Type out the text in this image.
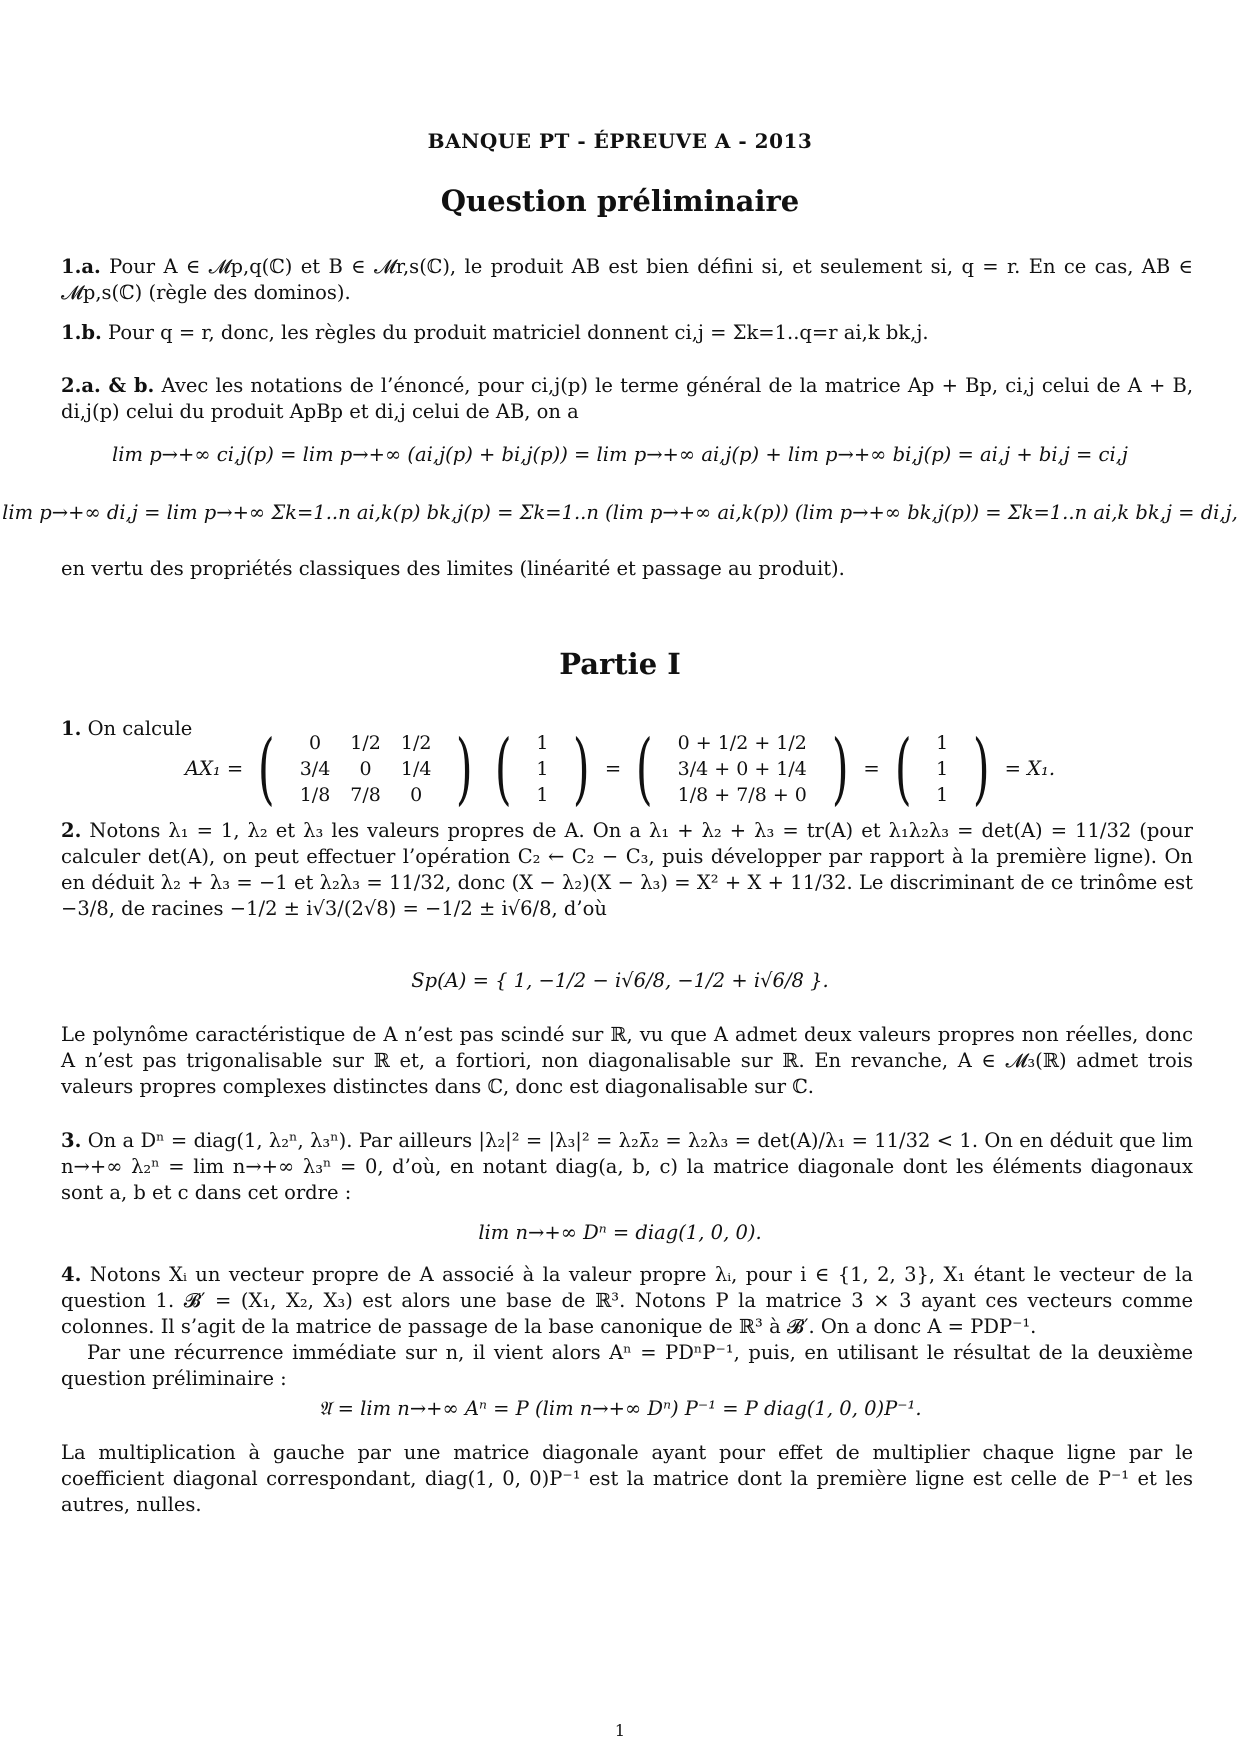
BANQUE PT - ÉPREUVE A - 2013
Question préliminaire

1.a. Pour A ∈ 𝓜p,q(ℂ) et B ∈ 𝓜r,s(ℂ), le produit AB est bien défini si, et seulement si, q = r. En ce cas, AB ∈ 𝓜p,s(ℂ) (règle des dominos).

1.b. Pour q = r, donc, les règles du produit matriciel donnent ci,j = Σk=1..q=r ai,k bk,j.

2.a. & b. Avec les notations de l’énoncé, pour ci,j(p) le terme général de la matrice Ap + Bp, ci,j celui de A + B, di,j(p) celui du produit ApBp et di,j celui de AB, on a

lim p→+∞ ci,j(p) = lim p→+∞ (ai,j(p) + bi,j(p)) = lim p→+∞ ai,j(p) + lim p→+∞ bi,j(p) = ai,j + bi,j = ci,j
lim p→+∞ di,j = lim p→+∞ Σk=1..n ai,k(p) bk,j(p) = Σk=1..n (lim p→+∞ ai,k(p)) (lim p→+∞ bk,j(p)) = Σk=1..n ai,k bk,j = di,j,

en vertu des propriétés classiques des limites (linéarité et passage au produit).

Partie I

1. On calcule

AX₁ = ( 0	1/2	1/2
3/4	0	1/4
1/8	7/8	0 ) ( 1
1
1 ) = ( 0 + 1/2 + 1/2
3/4 + 0 + 1/4
1/8 + 7/8 + 0 ) = ( 1
1
1 ) = X₁.

2. Notons λ₁ = 1, λ₂ et λ₃ les valeurs propres de A. On a λ₁ + λ₂ + λ₃ = tr(A) et λ₁λ₂λ₃ = det(A) = 11/32 (pour calculer det(A), on peut effectuer l’opération C₂ ← C₂ − C₃, puis développer par rapport à la première ligne). On en déduit λ₂ + λ₃ = −1 et λ₂λ₃ = 11/32, donc (X − λ₂)(X − λ₃) = X² + X + 11/32. Le discriminant de ce trinôme est −3/8, de racines −1/2 ± i√3/(2√8) = −1/2 ± i√6/8, d’où

Sp(A) = { 1, −1/2 − i√6/8, −1/2 + i√6/8 }.

Le polynôme caractéristique de A n’est pas scindé sur ℝ, vu que A admet deux valeurs propres non réelles, donc A n’est pas trigonalisable sur ℝ et, a fortiori, non diagonalisable sur ℝ. En revanche, A ∈ 𝓜₃(ℝ) admet trois valeurs propres complexes distinctes dans ℂ, donc est diagonalisable sur ℂ.

3. On a Dⁿ = diag(1, λ₂ⁿ, λ₃ⁿ). Par ailleurs |λ₂|² = |λ₃|² = λ₂λ̄₂ = λ₂λ₃ = det(A)/λ₁ = 11/32 < 1. On en déduit que lim n→+∞ λ₂ⁿ = lim n→+∞ λ₃ⁿ = 0, d’où, en notant diag(a, b, c) la matrice diagonale dont les éléments diagonaux sont a, b et c dans cet ordre :

lim n→+∞ Dⁿ = diag(1, 0, 0).

4. Notons Xᵢ un vecteur propre de A associé à la valeur propre λᵢ, pour i ∈ {1, 2, 3}, X₁ étant le vecteur de la question 1. 𝓑′ = (X₁, X₂, X₃) est alors une base de ℝ³. Notons P la matrice 3 × 3 ayant ces vecteurs comme colonnes. Il s’agit de la matrice de passage de la base canonique de ℝ³ à 𝓑′. On a donc A = PDP⁻¹.

Par une récurrence immédiate sur n, il vient alors Aⁿ = PDⁿP⁻¹, puis, en utilisant le résultat de la deuxième question préliminaire :

𝔄 = lim n→+∞ Aⁿ = P (lim n→+∞ Dⁿ) P⁻¹ = P diag(1, 0, 0)P⁻¹.

La multiplication à gauche par une matrice diagonale ayant pour effet de multiplier chaque ligne par le coefficient diagonal correspondant, diag(1, 0, 0)P⁻¹ est la matrice dont la première ligne est celle de P⁻¹ et les autres, nulles.

1
